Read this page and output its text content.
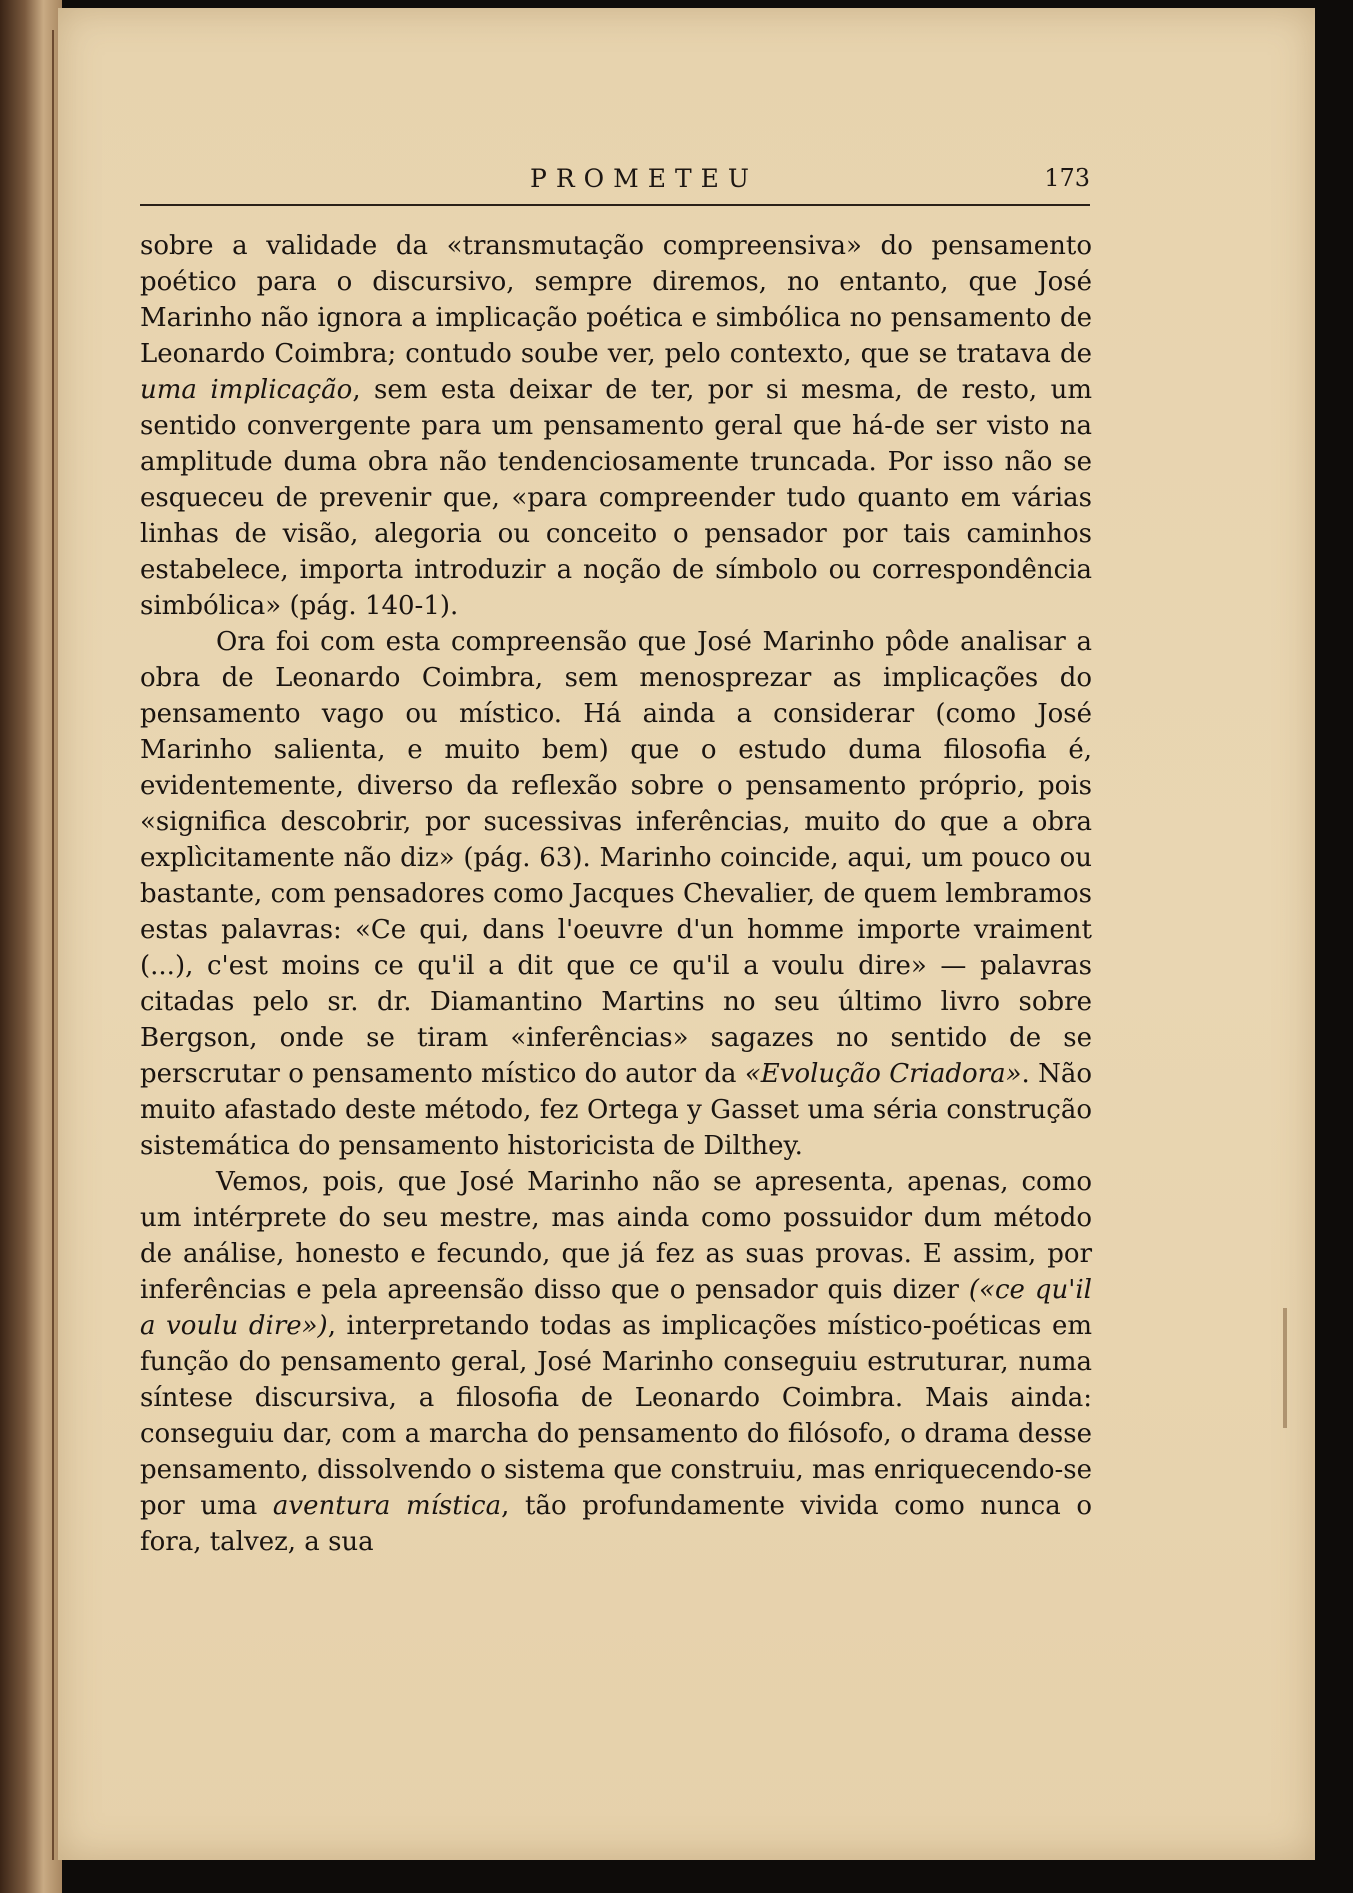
PROMETEU	173

sobre a validade da «transmutação compreensiva» do pensamento poético para o discursivo, sempre diremos, no entanto, que José Marinho não ignora a implicação poética e simbólica no pensamento de Leonardo Coimbra; contudo soube ver, pelo contexto, que se tratava de uma implicação, sem esta deixar de ter, por si mesma, de resto, um sentido convergente para um pensamento geral que há-de ser visto na amplitude duma obra não tendenciosamente truncada. Por isso não se esqueceu de prevenir que, «para compreender tudo quanto em várias linhas de visão, alegoria ou conceito o pensador por tais caminhos estabelece, importa introduzir a noção de símbolo ou correspondência simbólica» (pág. 140-1).

Ora foi com esta compreensão que José Marinho pôde analisar a obra de Leonardo Coimbra, sem menosprezar as implicações do pensamento vago ou místico. Há ainda a considerar (como José Marinho salienta, e muito bem) que o estudo duma filosofia é, evidentemente, diverso da reflexão sobre o pensamento próprio, pois «significa descobrir, por sucessivas inferências, muito do que a obra explìcitamente não diz» (pág. 63). Marinho coincide, aqui, um pouco ou bastante, com pensadores como Jacques Chevalier, de quem lembramos estas palavras: «Ce qui, dans l'oeuvre d'un homme importe vraiment (...), c'est moins ce qu'il a dit que ce qu'il a voulu dire» — palavras citadas pelo sr. dr. Diamantino Martins no seu último livro sobre Bergson, onde se tiram «inferências» sagazes no sentido de se perscrutar o pensamento místico do autor da «Evolução Criadora». Não muito afastado deste método, fez Ortega y Gasset uma séria construção sistemática do pensamento historicista de Dilthey.

Vemos, pois, que José Marinho não se apresenta, apenas, como um intérprete do seu mestre, mas ainda como possuidor dum método de análise, honesto e fecundo, que já fez as suas provas. E assim, por inferências e pela apreensão disso que o pensador quis dizer («ce qu'il a voulu dire»), interpretando todas as implicações místico-poéticas em função do pensamento geral, José Marinho conseguiu estruturar, numa síntese discursiva, a filosofia de Leonardo Coimbra. Mais ainda: conseguiu dar, com a marcha do pensamento do filósofo, o drama desse pensamento, dissolvendo o sistema que construiu, mas enriquecendo-se por uma aventura mística, tão profundamente vivida como nunca o fora, talvez, a sua
